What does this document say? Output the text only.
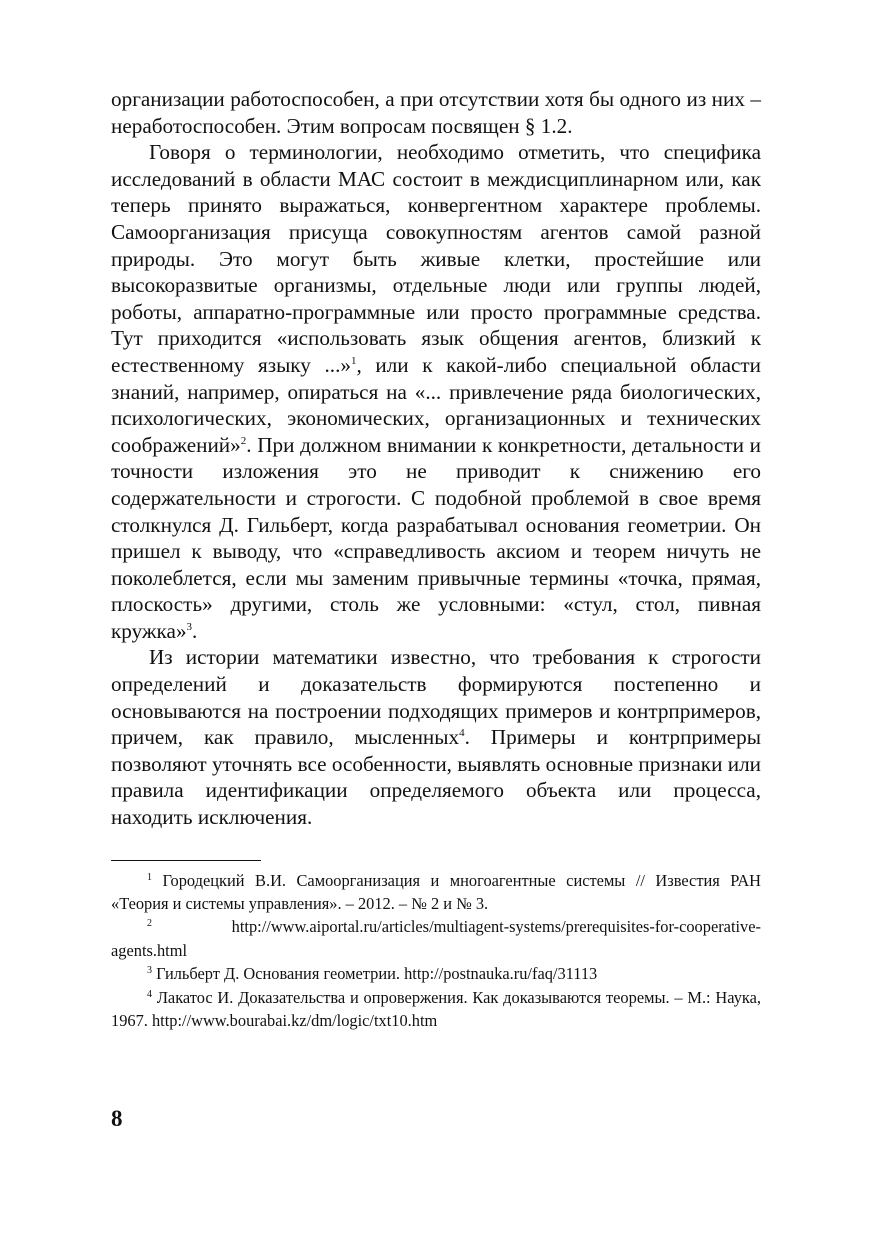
организации работоспособен, а при отсутствии хотя бы одного из них – неработоспособен. Этим вопросам посвящен § 1.2.

Говоря о терминологии, необходимо отметить, что специфика исследований в области МАС состоит в междисциплинарном или, как теперь принято выражаться, конвергентном характере проблемы. Самоорганизация присуща совокупностям агентов самой разной природы. Это могут быть живые клетки, простейшие или высокоразвитые организмы, отдельные люди или группы людей, роботы, аппаратно-программные или просто программные средства. Тут приходится «использовать язык общения агентов, близкий к естественному языку ...»$^1$, или к какой-либо специальной области знаний, например, опираться на «... привлечение ряда биологических, психологических, экономических, организационных и технических соображений»$^2$. При должном внимании к конкретности, детальности и точности изложения это не приводит к снижению его содержательности и строгости. С подобной проблемой в свое время столкнулся Д. Гильберт, когда разрабатывал основания геометрии. Он пришел к выводу, что «справедливость аксиом и теорем ничуть не поколеблется, если мы заменим привычные термины «точка, прямая, плоскость» другими, столь же условными: «стул, стол, пивная кружка»$^3$.

Из истории математики известно, что требования к строгости определений и доказательств формируются постепенно и основываются на построении подходящих примеров и контрпримеров, причем, как правило, мысленных$^4$. Примеры и контрпримеры позволяют уточнять все особенности, выявлять основные признаки или правила идентификации определяемого объекта или процесса, находить исключения.

$^1$ Городецкий В.И. Самоорганизация и многоагентные системы // Известия РАН «Теория и системы управления». – 2012. – № 2 и № 3.

$^2$	http://www.aiportal.ru/articles/multiagent-systems/prerequisites-for-cooperative-agents.html

$^3$ Гильберт Д. Основания геометрии. http://postnauka.ru/faq/31113

$^4$ Лакатос И. Доказательства и опровержения. Как доказываются теоремы. – М.: Наука, 1967. http://www.bourabai.kz/dm/logic/txt10.htm

8
